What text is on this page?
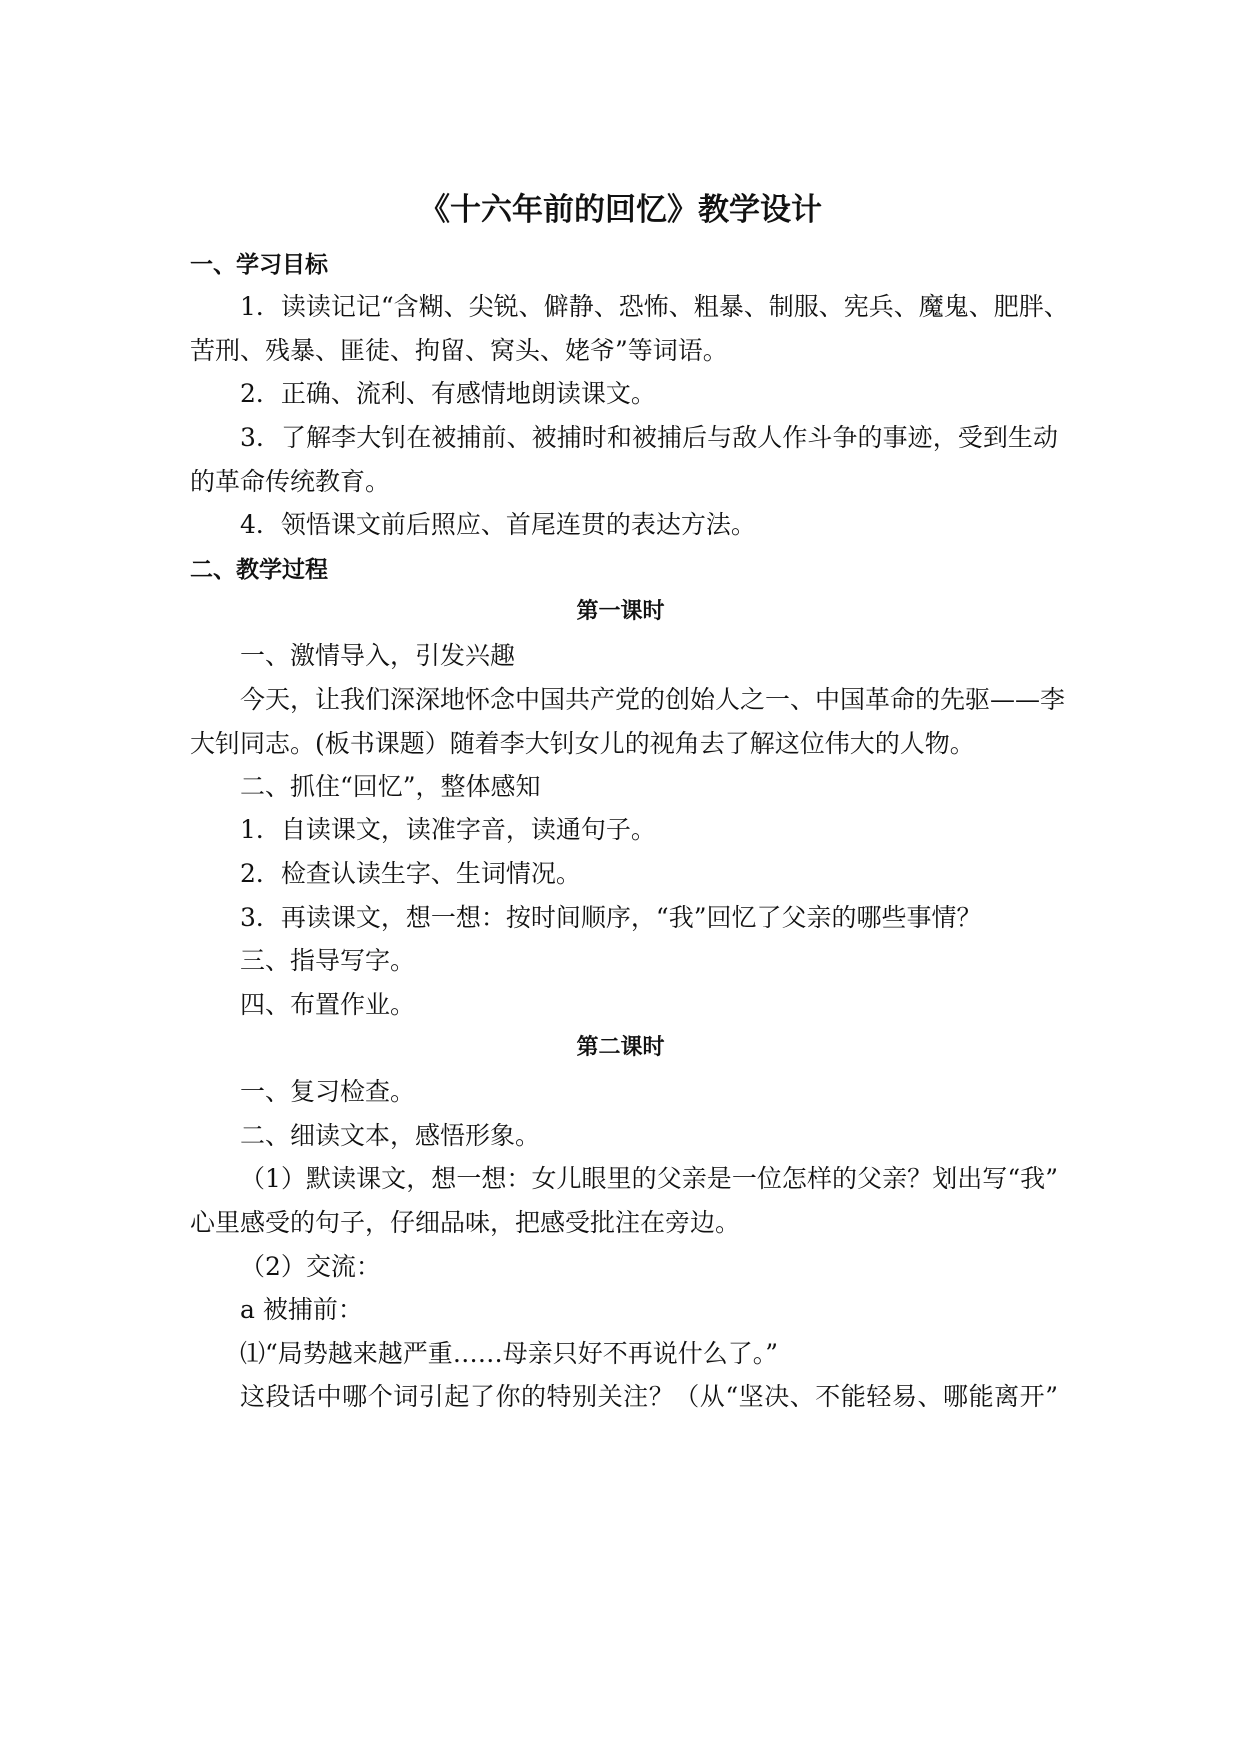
《十六年前的回忆》教学设计

一、学习目标

1．读读记记“含糊、尖锐、僻静、恐怖、粗暴、制服、宪兵、魔鬼、肥胖、

苦刑、残暴、匪徒、拘留、窝头、姥爷”等词语。

2．正确、流利、有感情地朗读课文。

3．了解李大钊在被捕前、被捕时和被捕后与敌人作斗争的事迹，受到生动

的革命传统教育。

4．领悟课文前后照应、首尾连贯的表达方法。

二、教学过程

第一课时

一、激情导入，引发兴趣

今天，让我们深深地怀念中国共产党的创始人之一、中国革命的先驱——李

大钊同志。(板书课题）随着李大钊女儿的视角去了解这位伟大的人物。

二、抓住“回忆”，整体感知

1．自读课文，读准字音，读通句子。

2．检查认读生字、生词情况。

3．再读课文，想一想：按时间顺序，“我”回忆了父亲的哪些事情？

三、指导写字。

四、布置作业。

第二课时

一、复习检查。

二、细读文本，感悟形象。

（1）默读课文，想一想：女儿眼里的父亲是一位怎样的父亲？划出写“我”

心里感受的句子，仔细品味，把感受批注在旁边。

（2）交流：

a 被捕前：

⑴“局势越来越严重……母亲只好不再说什么了。”

这段话中哪个词引起了你的特别关注？（从“坚决、不能轻易、哪能离开”
